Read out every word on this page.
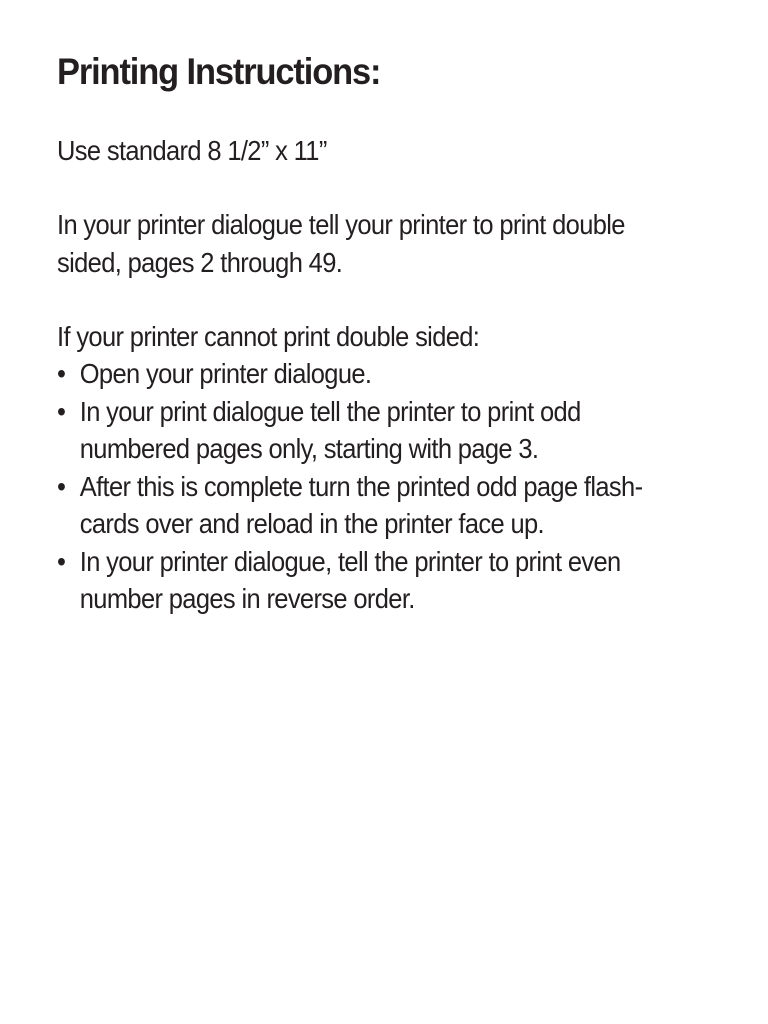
Printing Instructions:

Use standard 8 1/2” x 11”

In your printer dialogue tell your printer to print double
sided, pages 2 through 49.

If your printer cannot print double sided:

• Open your printer dialogue.
• In your print dialogue tell the printer to print odd
numbered pages only, starting with page 3.
• After this is complete turn the printed odd page flash-
cards over and reload in the printer face up.
• In your printer dialogue, tell the printer to print even
number pages in reverse order.
